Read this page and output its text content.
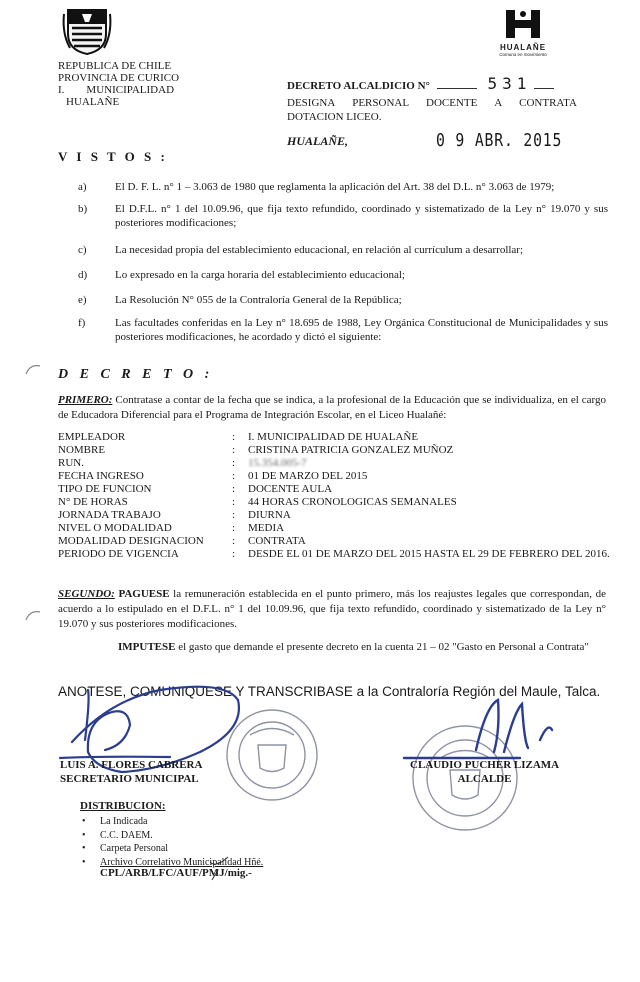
HUALAÑE
Comuna en movimiento
REPUBLICA DE CHILE
PROVINCIA DE CURICO
I.        MUNICIPALIDAD
HUALAÑE
DECRETO ALCALDICIO N°	531
DESIGNA PERSONAL DOCENTE A CONTRATA
DOTACION LICEO.
HUALAÑE,	0 9 ABR. 2015
V I S T O S :
a)	El D. F. L. n° 1 – 3.063 de 1980 que reglamenta la aplicación del Art. 38 del D.L. n° 3.063 de 1979;
b)	El D.F.L. n° 1 del 10.09.96, que fija texto refundido, coordinado y sistematizado de la Ley n° 19.070 y sus posteriores modificaciones;
c)	La necesidad propia del establecimiento educacional, en relación al currículum a desarrollar;
d)	Lo expresado en la carga horaria del establecimiento educacional;
e)	La Resolución N° 055 de la Contraloría General de la República;
f)	Las facultades conferidas en la Ley n° 18.695 de 1988, Ley Orgánica Constitucional de Municipalidades y sus posteriores modificaciones, he acordado y dictó el siguiente:
D E C R E T O :
PRIMERO: Contratase a contar de la fecha que se indica, a la profesional de la Educación que se individualiza, en el cargo de Educadora Diferencial para el Programa de Integración Escolar, en el Liceo Hualañé:
EMPLEADOR	: I. MUNICIPALIDAD DE HUALAÑE
NOMBRE	: CRISTINA PATRICIA GONZALEZ MUÑOZ
RUN.	: 15.354.005-7
FECHA INGRESO	: 01 DE MARZO DEL 2015
TIPO DE FUNCION	: DOCENTE AULA
N° DE HORAS	: 44 HORAS CRONOLOGICAS SEMANALES
JORNADA TRABAJO	: DIURNA
NIVEL O MODALIDAD	: MEDIA
MODALIDAD DESIGNACION	: CONTRATA
PERIODO DE VIGENCIA	: DESDE EL 01 DE MARZO DEL 2015 HASTA EL 29 DE FEBRERO DEL 2016.
SEGUNDO: PAGUESE la remuneración establecida en el punto primero, más los reajustes legales que correspondan, de acuerdo a lo estipulado en el D.F.L. n° 1 del 10.09.96, que fija texto refundido, coordinado y sistematizado de la Ley n° 19.070 y sus posteriores modificaciones.
IMPUTESE el gasto que demande el presente decreto en la cuenta 21 – 02 "Gasto en Personal a Contrata"
ANOTESE, COMUNIQUESE Y TRANSCRIBASE a la Contraloría Región del Maule, Talca.
LUIS A. FLORES CABRERA
SECRETARIO MUNICIPAL
CLAUDIO PUCHER LIZAMA
ALCALDE
DISTRIBUCION:
• La Indicada
• C.C. DAEM.
• Carpeta Personal
• Archivo Correlativo Municipalidad Hñé.
CPL/ARB/LFC/AUF/PMJ/mig.-
